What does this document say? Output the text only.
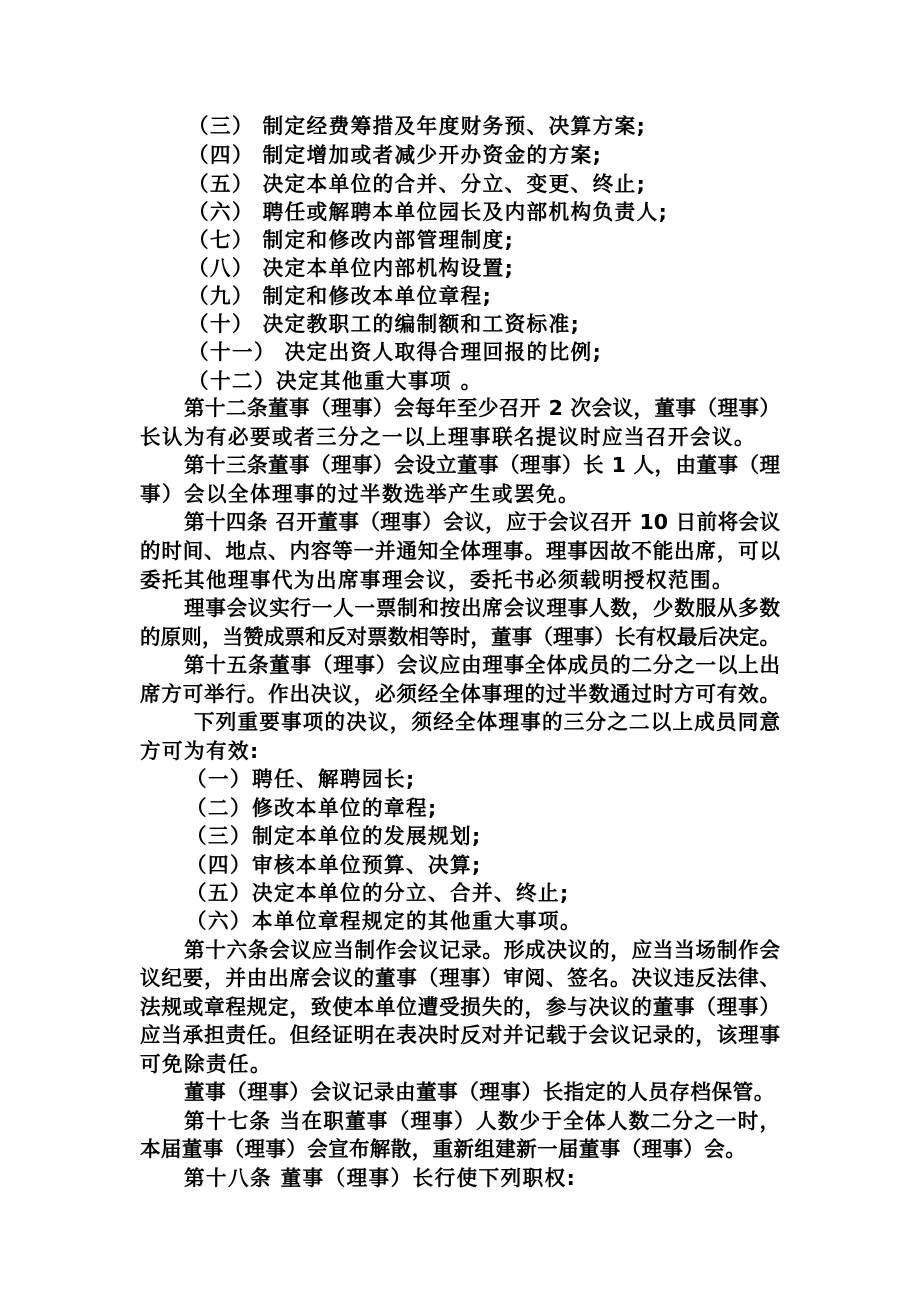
（三） 制定经费筹措及年度财务预、决算方案;
（四） 制定增加或者减少开办资金的方案;
（五） 决定本单位的合并、分立、变更、终止;
（六） 聘任或解聘本单位园长及内部机构负责人;
（七） 制定和修改内部管理制度;
（八） 决定本单位内部机构设置;
（九） 制定和修改本单位章程;
（十） 决定教职工的编制额和工资标准;
（十一） 决定出资人取得合理回报的比例;
（十二）决定其他重大事项 。
第十二条董事（理事）会每年至少召开 2 次会议，董事（理事）
长认为有必要或者三分之一以上理事联名提议时应当召开会议。
第十三条董事（理事）会设立董事（理事）长 1 人，由董事（理
事）会以全体理事的过半数选举产生或罢免。
第十四条 召开董事（理事）会议，应于会议召开 10 日前将会议
的时间、地点、内容等一并通知全体理事。理事因故不能出席，可以
委托其他理事代为出席事理会议，委托书必须载明授权范围。
理事会议实行一人一票制和按出席会议理事人数，少数服从多数
的原则，当赞成票和反对票数相等时，董事（理事）长有权最后决定。
第十五条董事（理事）会议应由理事全体成员的二分之一以上出
席方可举行。作出决议，必须经全体事理的过半数通过时方可有效。
下列重要事项的决议，须经全体理事的三分之二以上成员同意
方可为有效:
（一）聘任、解聘园长;
（二）修改本单位的章程;
（三）制定本单位的发展规划;
（四）审核本单位预算、决算;
（五）决定本单位的分立、合并、终止;
（六）本单位章程规定的其他重大事项。
第十六条会议应当制作会议记录。形成决议的，应当当场制作会
议纪要，并由出席会议的董事（理事）审阅、签名。决议违反法律、
法规或章程规定，致使本单位遭受损失的，参与决议的董事（理事）
应当承担责任。但经证明在表决时反对并记载于会议记录的，该理事
可免除责任。
董事（理事）会议记录由董事（理事）长指定的人员存档保管。
第十七条 当在职董事（理事）人数少于全体人数二分之一时，
本届董事（理事）会宣布解散，重新组建新一届董事（理事）会。
第十八条 董事（理事）长行使下列职权:
